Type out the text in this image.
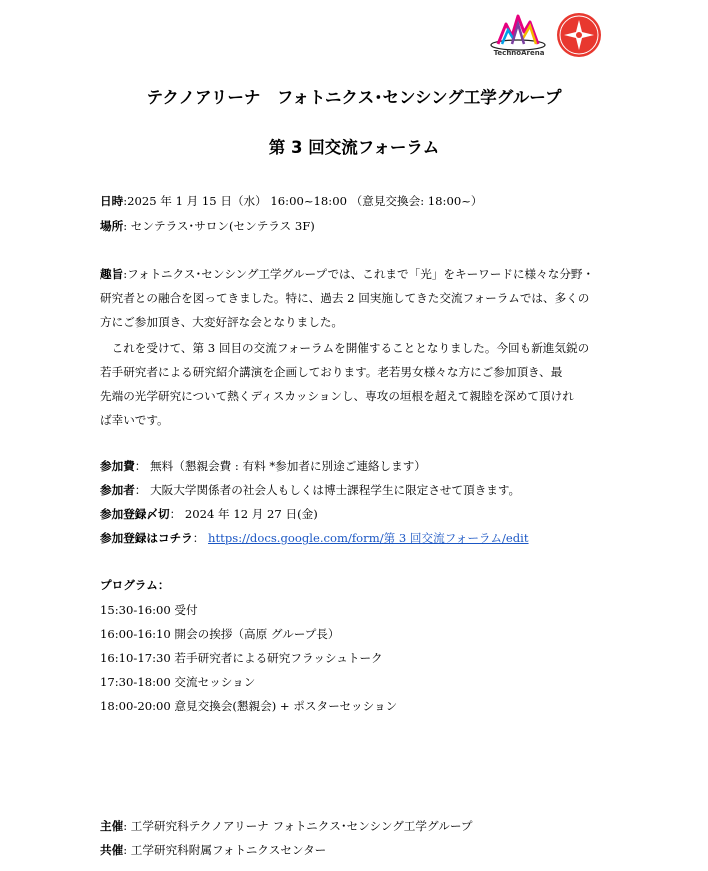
TechnoArena
テクノアリーナ　フォトニクス･センシング工学グループ
第 3 回交流フォーラム
日時:2025 年 1 月 15 日（水） 16:00~18:00 （意見交換会: 18:00~）
場所: センテラス･サロン(センテラス 3F)
趣旨:フォトニクス･センシング工学グループでは、これまで「光」をキーワードに様々な分野・
研究者との融合を図ってきました。特に、過去 2 回実施してきた交流フォーラムでは、多くの
方にご参加頂き、大変好評な会となりました。
　これを受けて、第 3 回目の交流フォーラムを開催することとなりました。今回も新進気鋭の
若手研究者による研究紹介講演を企画しております。老若男女様々な方にご参加頂き、最
先端の光学研究について熱くディスカッションし、専攻の垣根を超えて親睦を深めて頂けれ
ば幸いです。
参加費： 無料（懇親会費 : 有料 *参加者に別途ご連絡します）
参加者： 大阪大学関係者の社会人もしくは博士課程学生に限定させて頂きます。
参加登録〆切： 2024 年 12 月 27 日(金)
参加登録はコチラ： https://docs.google.com/form/第 3 回交流フォーラム/edit
プログラム：
15:30-16:00 受付
16:00-16:10 開会の挨拶（高原 グループ長）
16:10-17:30 若手研究者による研究フラッシュトーク
17:30-18:00 交流セッション
18:00-20:00 意見交換会(懇親会) + ポスターセッション
主催: 工学研究科テクノアリーナ フォトニクス･センシング工学グループ
共催: 工学研究科附属フォトニクスセンター
